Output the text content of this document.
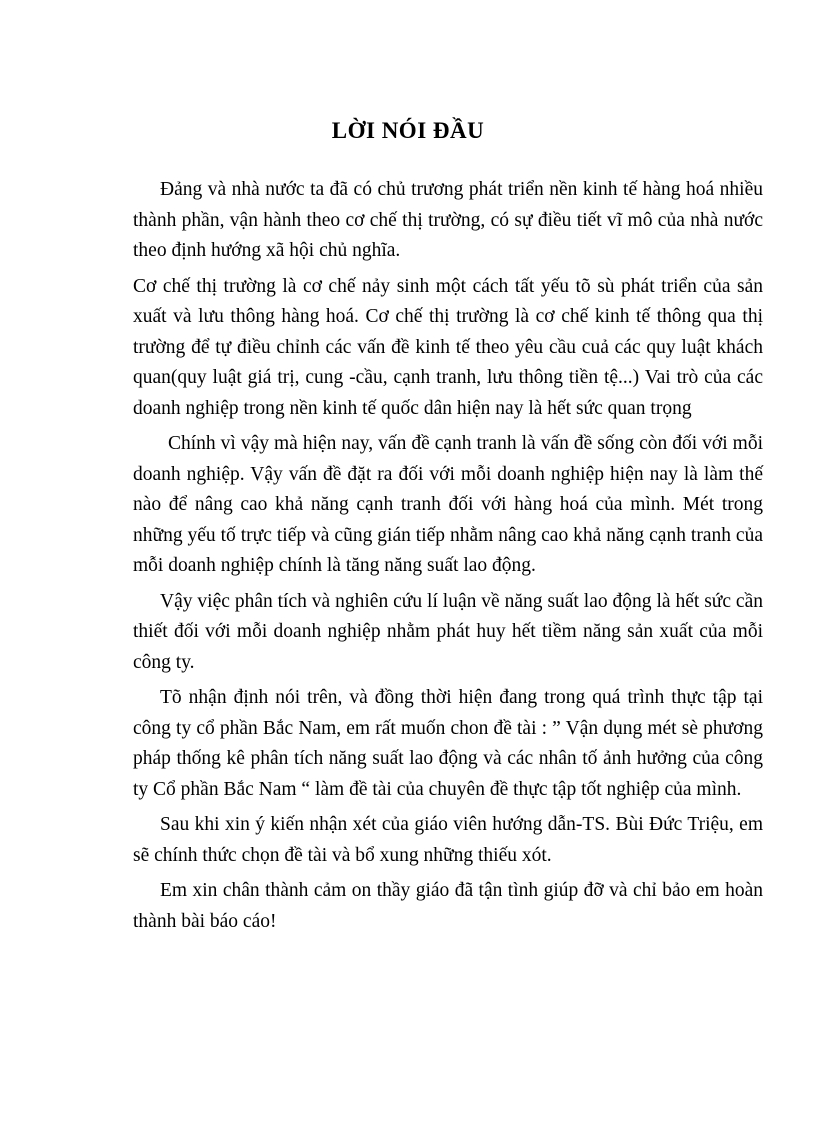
LỜI NÓI ĐẦU

Đảng và nhà nước ta đã có chủ trương phát triển nền kinh tế hàng hoá nhiều thành phần, vận hành theo cơ chế thị trường, có sự điều tiết vĩ mô của nhà nước theo định hướng xã hội chủ nghĩa.

Cơ chế thị trường là cơ chế nảy sinh một cách tất yếu tõ sù phát triển của sản xuất và lưu thông hàng hoá. Cơ chế thị trường là cơ chế kinh tế thông qua thị trường để tự điều chỉnh các vấn đề kinh tế theo yêu cầu cuả các quy luật khách quan(quy luật giá trị, cung -cầu, cạnh tranh, lưu thông tiền tệ...) Vai trò của các doanh nghiệp trong nền kinh tế quốc dân hiện nay là hết sức quan trọng

Chính vì vậy mà hiện nay, vấn đề cạnh tranh là vấn đề sống còn đối với mỗi doanh nghiệp. Vậy vấn đề đặt ra đối với mỗi doanh nghiệp hiện nay là làm thế nào để nâng cao khả năng cạnh tranh đối với hàng hoá của mình. Mét trong những yếu tố trực tiếp và cũng gián tiếp nhằm nâng cao khả năng cạnh tranh của mỗi doanh nghiệp chính là tăng năng suất lao động.

Vậy việc phân tích và nghiên cứu lí luận về năng suất lao động là hết sức cần thiết đối với mỗi doanh nghiệp nhằm phát huy hết tiềm năng sản xuất của mỗi công ty.

Tõ nhận định nói trên, và đồng thời hiện đang trong quá trình thực tập tại công ty cổ phần Bắc Nam, em rất muốn chon đề tài : ” Vận dụng mét sè phương pháp thống kê phân tích năng suất lao động và các nhân tố ảnh hưởng của công ty Cổ phần Bắc Nam “ làm đề tài của chuyên đề thực tập tốt nghiệp của mình.

Sau khi xin ý kiến nhận xét của giáo viên hướng dẫn-TS. Bùi Đức Triệu, em sẽ chính thức chọn đề tài và bổ xung những thiếu xót.

Em xin chân thành cảm on thầy giáo đã tận tình giúp đỡ và chỉ bảo em hoàn thành bài báo cáo!
